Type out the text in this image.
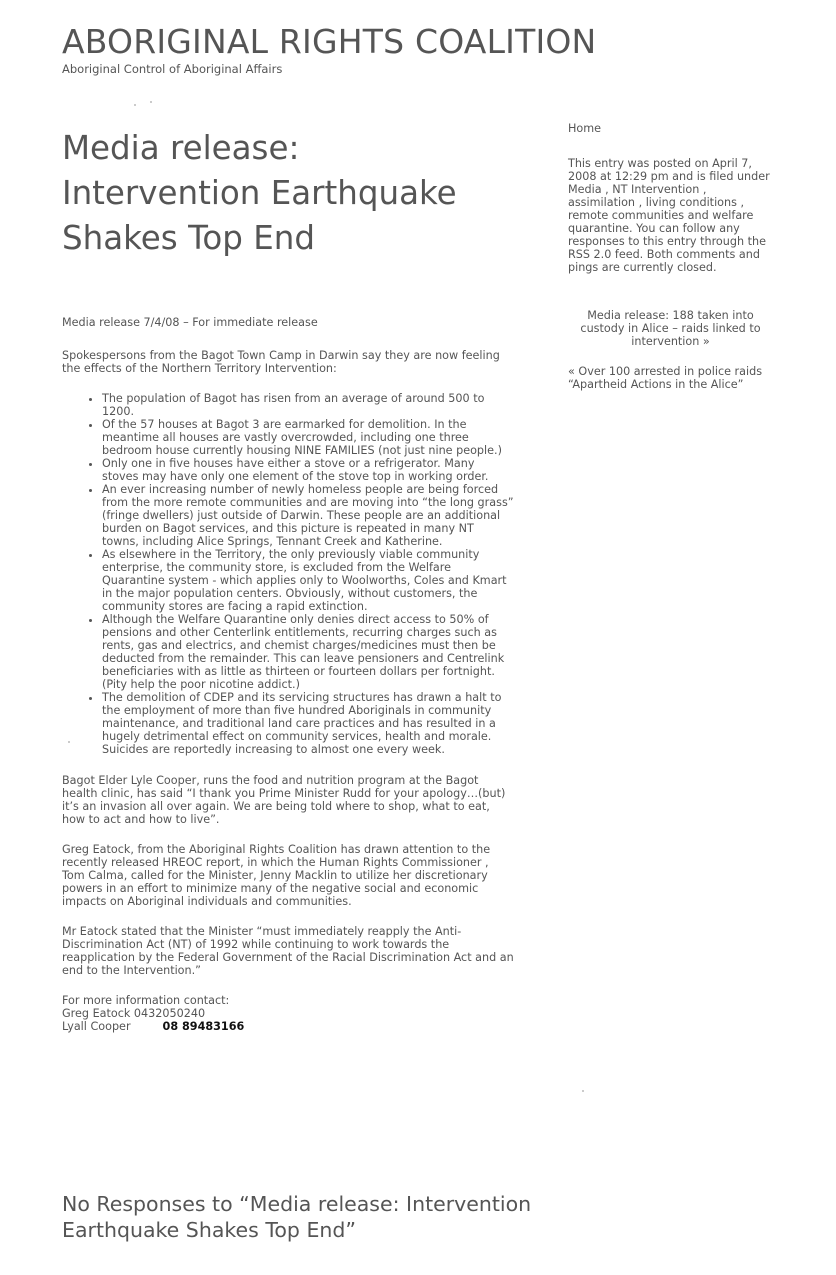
ABORIGINAL RIGHTS COALITION
Aboriginal Control of Aboriginal Affairs
Media release: Intervention Earthquake Shakes Top End

Media release 7/4/08 – For immediate release

Spokespersons from the Bagot Town Camp in Darwin say they are now feeling the effects of the Northern Territory Intervention:

• The population of Bagot has risen from an average of around 500 to 1200.
• Of the 57 houses at Bagot 3 are earmarked for demolition. In the meantime all houses are vastly overcrowded, including one three bedroom house currently housing NINE FAMILIES (not just nine people.)
• Only one in five houses have either a stove or a refrigerator. Many stoves may have only one element of the stove top in working order.
• An ever increasing number of newly homeless people are being forced from the more remote communities and are moving into “the long grass” (fringe dwellers) just outside of Darwin. These people are an additional burden on Bagot services, and this picture is repeated in many NT towns, including Alice Springs, Tennant Creek and Katherine.
• As elsewhere in the Territory, the only previously viable community enterprise, the community store, is excluded from the Welfare Quarantine system - which applies only to Woolworths, Coles and Kmart in the major population centers. Obviously, without customers, the community stores are facing a rapid extinction.
• Although the Welfare Quarantine only denies direct access to 50% of pensions and other Centerlink entitlements, recurring charges such as rents, gas and electrics, and chemist charges/medicines must then be deducted from the remainder. This can leave pensioners and Centrelink beneficiaries with as little as thirteen or fourteen dollars per fortnight. (Pity help the poor nicotine addict.)
• The demolition of CDEP and its servicing structures has drawn a halt to the employment of more than five hundred Aboriginals in community maintenance, and traditional land care practices and has resulted in a hugely detrimental effect on community services, health and morale. Suicides are reportedly increasing to almost one every week.

Bagot Elder Lyle Cooper, runs the food and nutrition program at the Bagot health clinic, has said “I thank you Prime Minister Rudd for your apology…(but) it’s an invasion all over again. We are being told where to shop, what to eat, how to act and how to live”.

Greg Eatock, from the Aboriginal Rights Coalition has drawn attention to the recently released HREOC report, in which the Human Rights Commissioner , Tom Calma, called for the Minister, Jenny Macklin to utilize her discretionary powers in an effort to minimize many of the negative social and economic impacts on Aboriginal individuals and communities.

Mr Eatock stated that the Minister “must immediately reapply the Anti-Discrimination Act (NT) of 1992 while continuing to work towards the reapplication by the Federal Government of the Racial Discrimination Act and an end to the Intervention.”

For more information contact:
Greg Eatock 0432050240
Lyall Cooper	08 89483166

No Responses to “Media release: Intervention Earthquake Shakes Top End”
Home

This entry was posted on April 7, 2008 at 12:29 pm and is filed under Media , NT Intervention , assimilation , living conditions , remote communities and welfare quarantine. You can follow any responses to this entry through the RSS 2.0 feed. Both comments and pings are currently closed.

Media release: 188 taken into custody in Alice – raids linked to intervention »
« Over 100 arrested in police raids “Apartheid Actions in the Alice”
